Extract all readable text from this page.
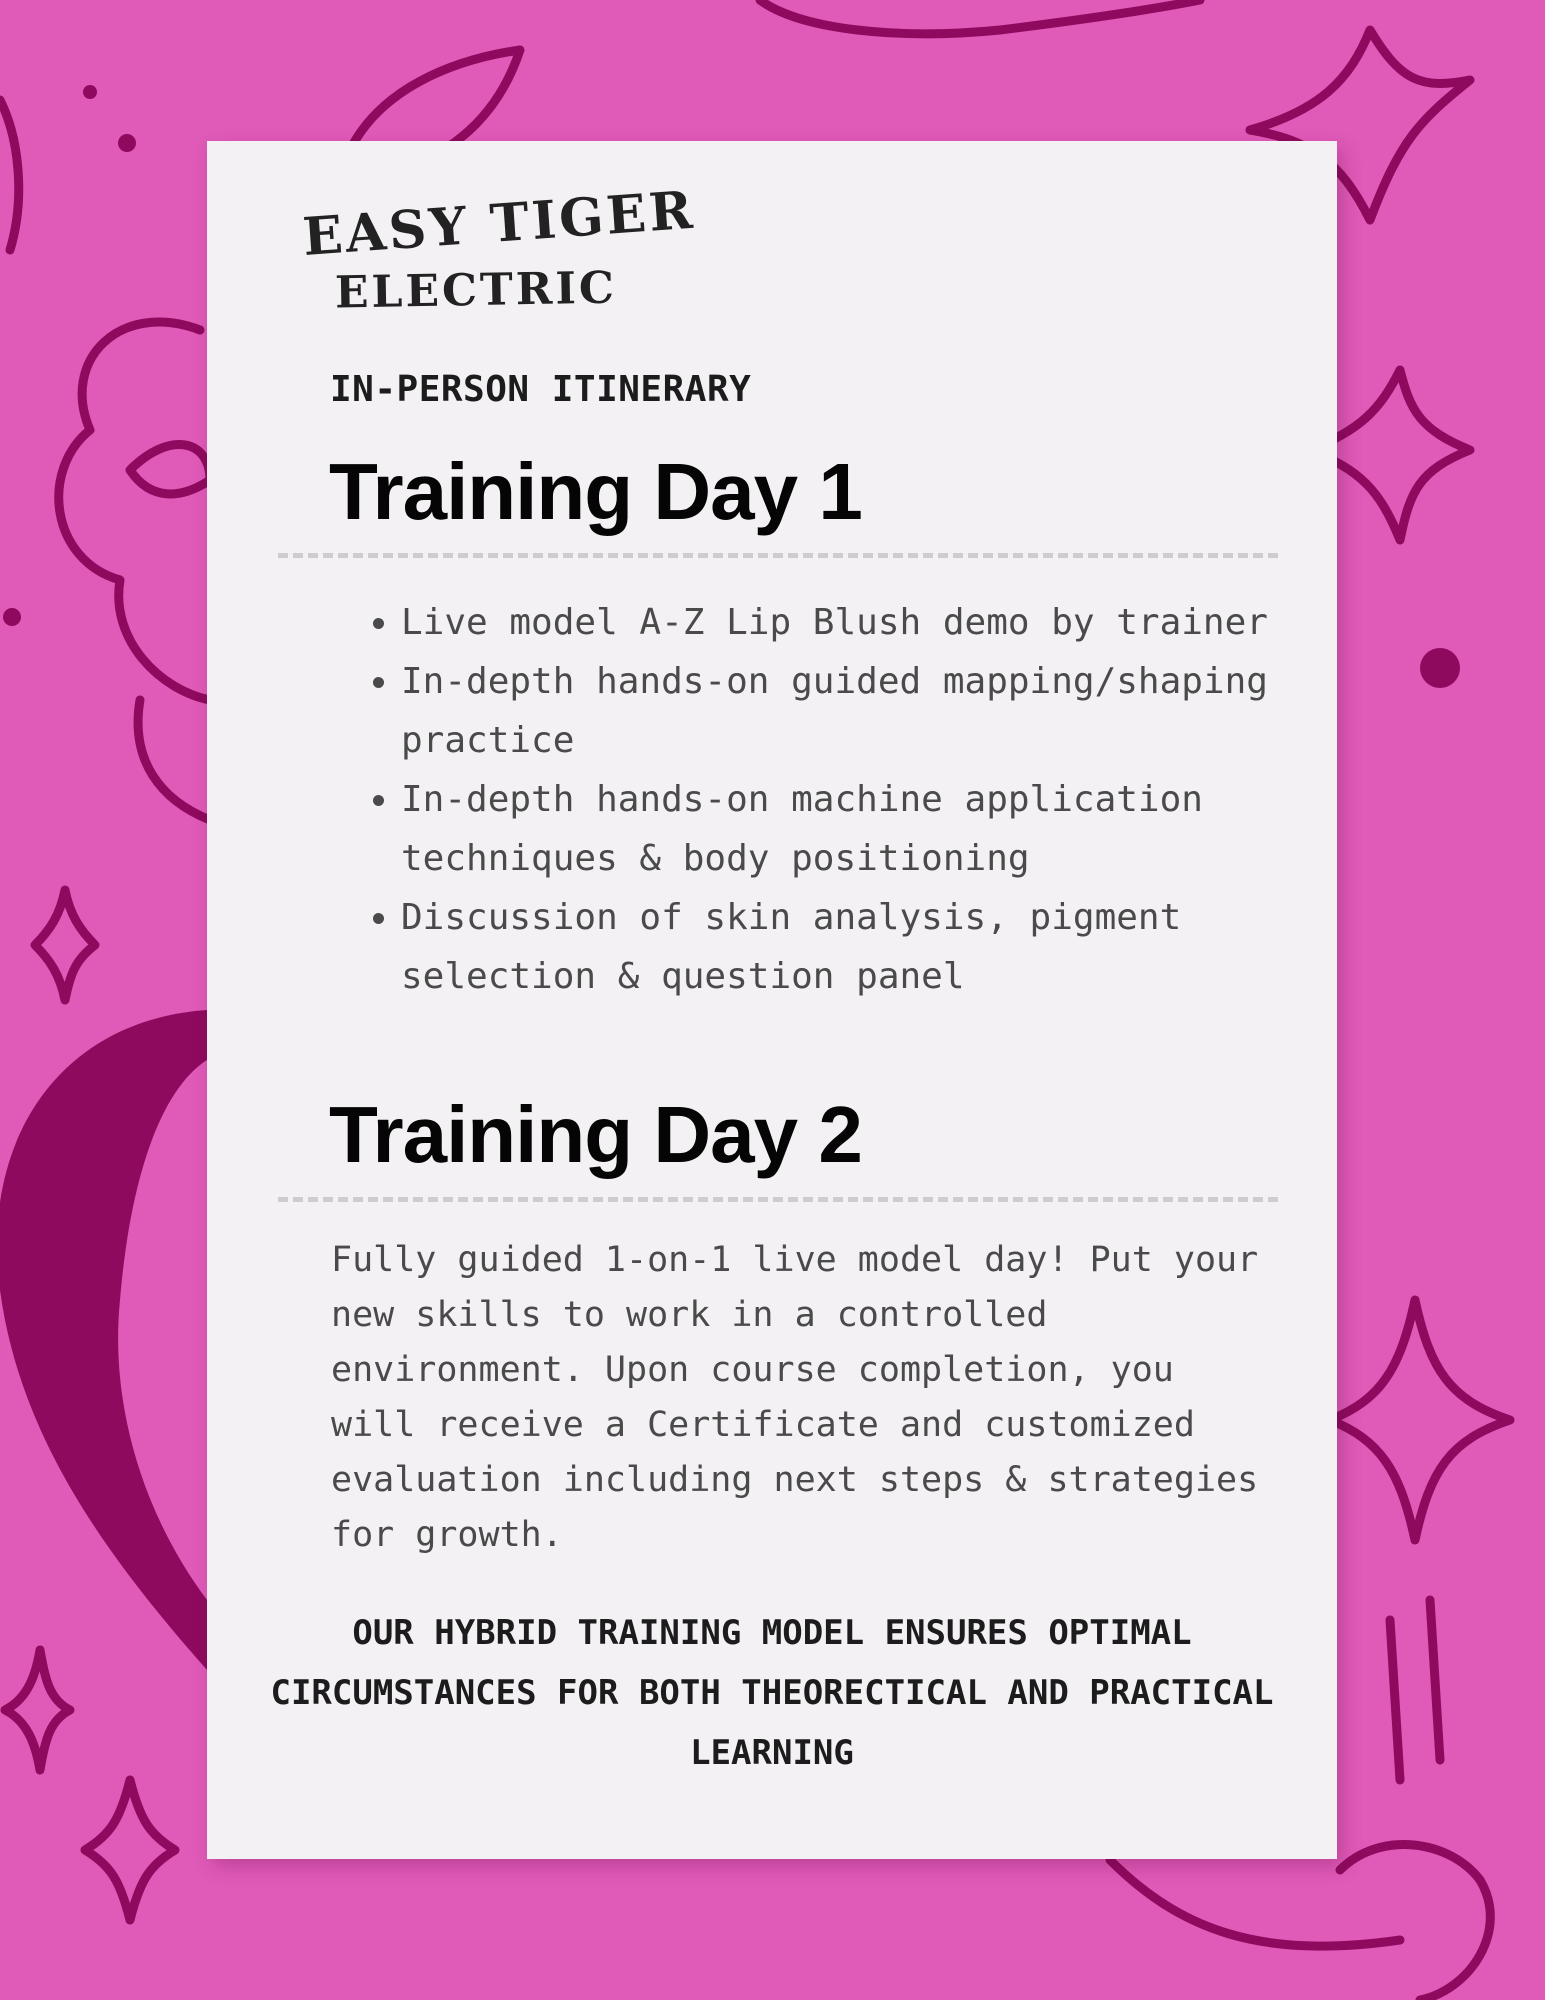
EASY TIGER
ELECTRIC
IN-PERSON ITINERARY
Training Day 1
• Live model A-Z Lip Blush demo by trainer
• In-depth hands-on guided mapping/shaping practice
• In-depth hands-on machine application techniques & body positioning
• Discussion of skin analysis, pigment selection & question panel
Training Day 2

Fully guided 1-on-1 live model day! Put your new skills to work in a controlled environment. Upon course completion, you will receive a Certificate and customized evaluation including next steps & strategies for growth.

OUR HYBRID TRAINING MODEL ENSURES OPTIMAL CIRCUMSTANCES FOR BOTH THEORECTICAL AND PRACTICAL LEARNING
